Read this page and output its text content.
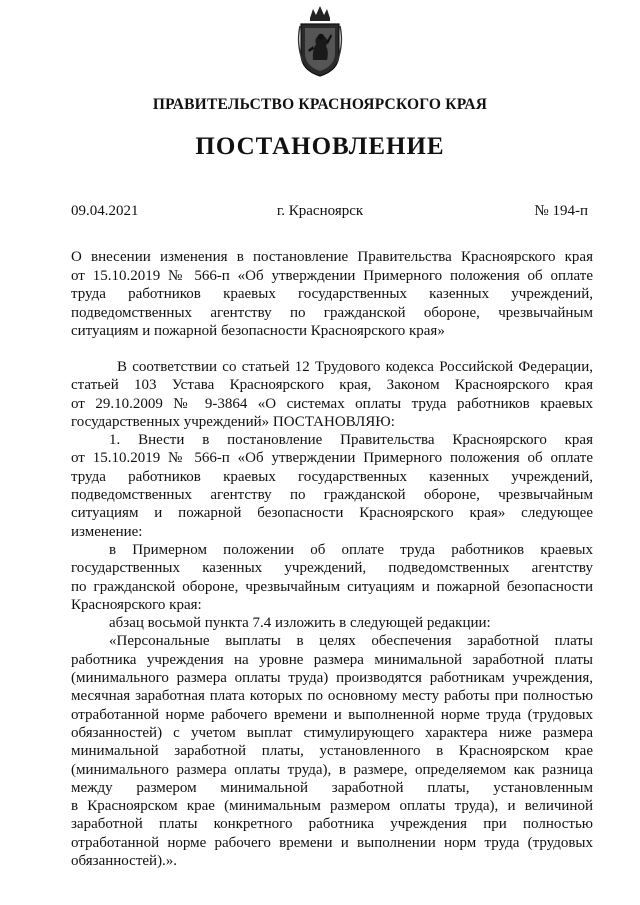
ПРАВИТЕЛЬСТВО КРАСНОЯРСКОГО КРАЯ
ПОСТАНОВЛЕНИЕ
09.04.2021	г. Красноярск	№ 194-п
О внесении изменения в постановление Правительства Красноярского края
от 15.10.2019 № 566-п «Об утверждении Примерного положения об оплате
труда работников краевых государственных казенных учреждений,
подведомственных агентству по гражданской обороне, чрезвычайным
ситуациям и пожарной безопасности Красноярского края»
В соответствии со статьей 12 Трудового кодекса Российской Федерации,
статьей 103 Устава Красноярского края, Законом Красноярского края
от 29.10.2009 № 9-3864 «О системах оплаты труда работников краевых
государственных учреждений» ПОСТАНОВЛЯЮ:
1. Внести в постановление Правительства Красноярского края
от 15.10.2019 № 566-п «Об утверждении Примерного положения об оплате
труда работников краевых государственных казенных учреждений,
подведомственных агентству по гражданской обороне, чрезвычайным
ситуациям и пожарной безопасности Красноярского края» следующее
изменение:
в Примерном положении об оплате труда работников краевых
государственных казенных учреждений, подведомственных агентству
по гражданской обороне, чрезвычайным ситуациям и пожарной безопасности
Красноярского края:
абзац восьмой пункта 7.4 изложить в следующей редакции:
«Персональные выплаты в целях обеспечения заработной платы
работника учреждения на уровне размера минимальной заработной платы
(минимального размера оплаты труда) производятся работникам учреждения,
месячная заработная плата которых по основному месту работы при полностью
отработанной норме рабочего времени и выполненной норме труда (трудовых
обязанностей) с учетом выплат стимулирующего характера ниже размера
минимальной заработной платы, установленного в Красноярском крае
(минимального размера оплаты труда), в размере, определяемом как разница
между размером минимальной заработной платы, установленным
в Красноярском крае (минимальным размером оплаты труда), и величиной
заработной платы конкретного работника учреждения при полностью
отработанной норме рабочего времени и выполнении норм труда (трудовых
обязанностей).».
